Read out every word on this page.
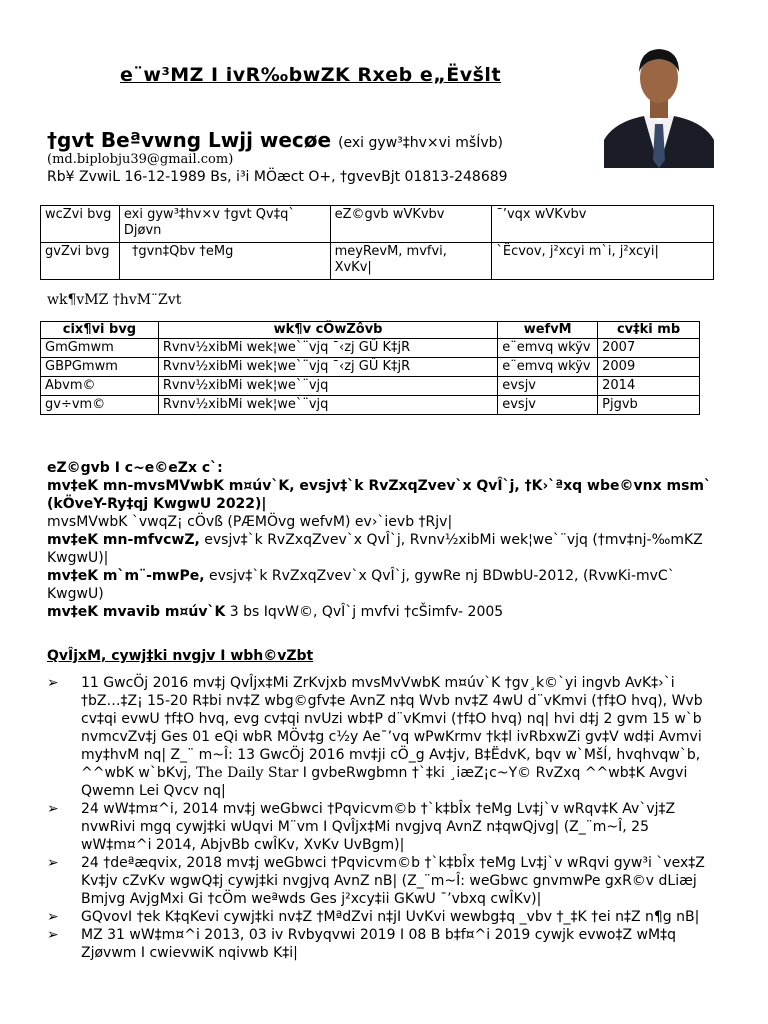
e¨w³MZ I ivR‰bwZK Rxeb e„Ëvšlt
†gvt Beªvwng Lwjj wecøe (exi gyw³‡hv×vi mšÍvb)
(md.biplobju39@gmail.com)
Rb¥ ZvwiL 16-12-1989 Bs, i³i MÖæct O+, †gvevBjt 01813-248689
wcZvi bvg	exi gyw³‡hv×v †gvt Qv‡q` Djøvn	eZ©gvb wVKvbv	¯’vqx wVKvbv
gvZvi bvg	†gvn‡Qbv †eMg	meyRevM, mvfvi, XvKv|	`Ëcvov, j²xcyi m`i, j²xcyi|
wk¶vMZ †hvM¨Zvt
cix¶vi bvg	wk¶v cÖwZôvb	wefvM	cv‡ki mb
GmGmwm	Rvnv½xibMi wek¦we`¨vjq ¯‹zj GÛ K‡jR	e¨emvq wkÿv	2007
GBPGmwm	Rvnv½xibMi wek¦we`¨vjq ¯‹zj GÛ K‡jR	e¨emvq wkÿv	2009
Abvm©	Rvnv½xibMi wek¦we`¨vjq	evsjv	2014
gv÷vm©	Rvnv½xibMi wek¦we`¨vjq	evsjv	Pjgvb

eZ©gvb I c~e©eZx c`:

mv‡eK mn-mvsMVwbK m¤úv`K, evsjv‡`k RvZxqZvev`x QvÎ`j, †K›`ªxq wbe©vnx msm` (kÖveY-Ry‡qj KwgwU 2022)|

mvsMVwbK `vwqZ¡ cÖvß (PÆMÖvg wefvM) ev›`ievb †Rjv|

mv‡eK mn-mfvcwZ, evsjv‡`k RvZxqZvev`x QvÎ`j, Rvnv½xibMi wek¦we`¨vjq (†mv‡nj-‰mKZ KwgwU)|

mv‡eK m`m¨-mwPe, evsjv‡`k RvZxqZvev`x QvÎ`j, gywRe nj BDwbU-2012, (RvwKi-mvC` KwgwU)

mv‡eK mvavib m¤úv`K 3 bs IqvW©, QvÎ`j mvfvi †cŠimfv- 2005

QvÎjxM, cywj‡ki nvgjv I wbh©vZbt
➢ 11 GwcÖj 2016 mv‡j QvÎjx‡Mi ZrKvjxb mvsMvVwbK m¤úv`K †gv¸k©`yi ingvb AvK‡›`i †bZ…‡Z¡ 15-20 R‡bi nv‡Z wbg©gfv‡e AvnZ n‡q Wvb nv‡Z 4wU d¨vKmvi (†f‡O hvq), Wvb cv‡qi evwU †f‡O hvq, evg cv‡qi nvUzi wb‡P d¨vKmvi (†f‡O hvq) nq| hvi d‡j 2 gvm 15 w`b nvmcvZv‡j Ges 01 eQi wbR MÖv‡g c½y Ae¯’vq wPwKrmv †k‡l ivRbxwZi gv‡V wd‡i Avmvi my‡hvM nq| Z_¨ m~Î: 13 GwcÖj 2016 mv‡ji cÖ_g Av‡jv, B‡ËdvK, bqv w`MšÍ, hvqhvqw`b, ^^wbK w`bKvj, The Daily Star I gvbeRwgbmn †`‡ki ¸iæZ¡c~Y© RvZxq ^^wb‡K Avgvi Qwemn Lei Qvcv nq|
➢ 24 wW‡m¤^i, 2014 mv‡j weGbwci †Pqvicvm©b †`k‡bÎx †eMg Lv‡j`v wRqv‡K Av`vj‡Z nvwRivi mgq cywj‡ki wUqvi M¨vm I QvÎjx‡Mi nvgjvq AvnZ n‡qwQjvg| (Z_¨m~Î, 25 wW‡m¤^i 2014, AbjvBb cwÎKv, XvKv UvBgm)|
➢ 24 †deªæqvix, 2018 mv‡j weGbwci †Pqvicvm©b †`k‡bÎx †eMg Lv‡j`v wRqvi gyw³i `vex‡Z Kv‡jv cZvKv wgwQ‡j cywj‡ki nvgjvq AvnZ nB| (Z_¨m~Î: weGbwc gnvmwPe gxR©v dLiæj Bmjvg AvjgMxi Gi †cÖm weªwds Ges j²xcy‡ii GKwU ¯’vbxq cwÎKv)|
➢ GQvovI †ek K‡qKevi cywj‡ki nv‡Z †MªdZvi n‡jI UvKvi wewbg‡q _vbv †_‡K †ei n‡Z n¶g nB|
➢ MZ 31 wW‡m¤^i 2013, 03 iv Rvbyqvwi 2019 I 08 B b‡f¤^i 2019 cywjk evwo‡Z wM‡q Zjøvwm I cwievwiK nqivwb K‡i|
